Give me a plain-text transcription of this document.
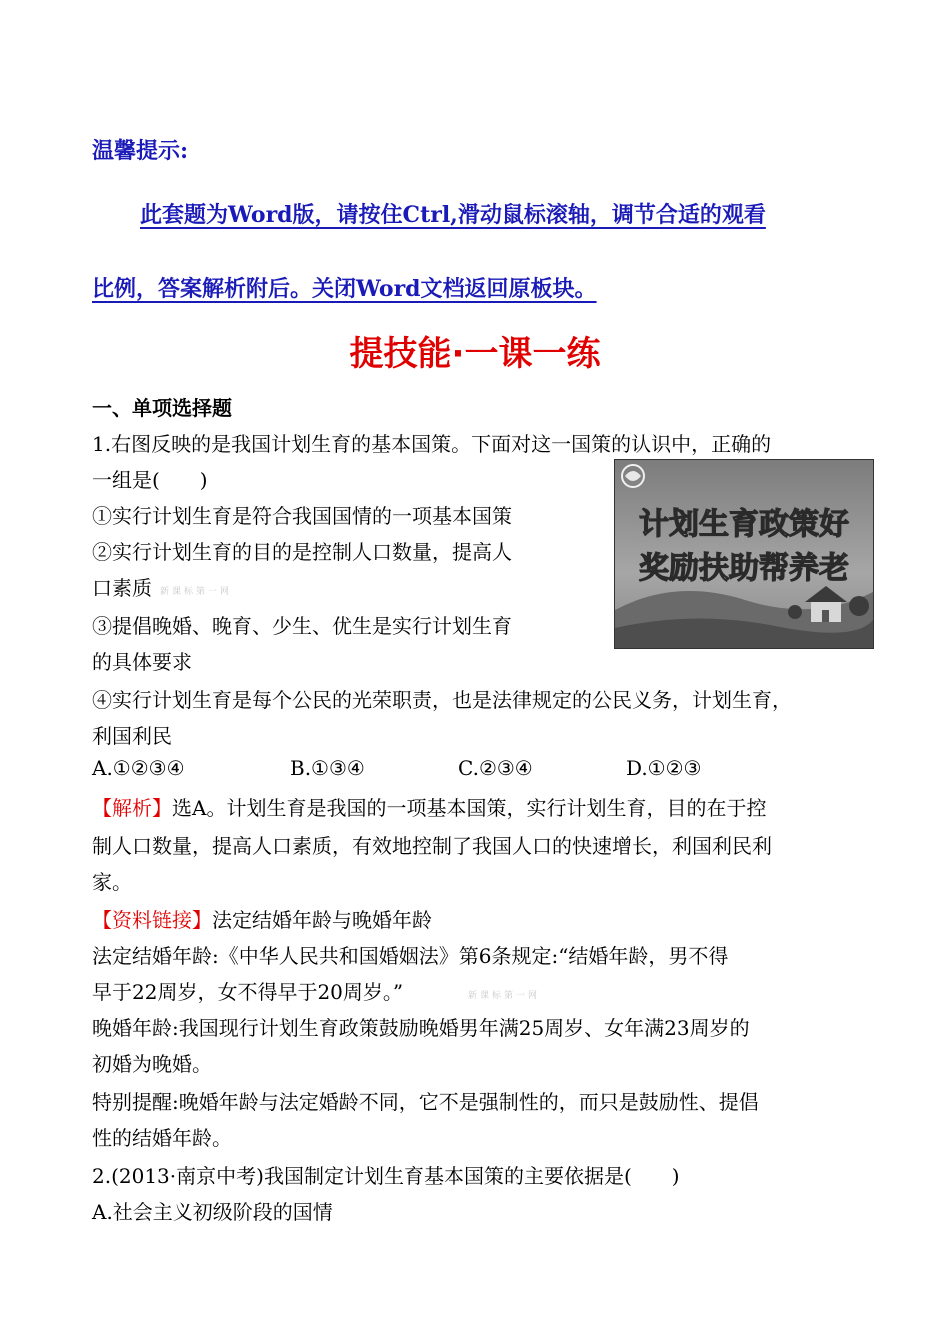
温馨提示:
此套题为Word版，请按住Ctrl,滑动鼠标滚轴，调节合适的观看
比例，答案解析附后。关闭Word文档返回原板块。
提技能·一课一练
一、单项选择题
1.右图反映的是我国计划生育的基本国策。下面对这一国策的认识中，正确的
一组是(　　)
①实行计划生育是符合我国国情的一项基本国策
②实行计划生育的目的是控制人口数量，提高人
口素质 新课标第一网
③提倡晚婚、晚育、少生、优生是实行计划生育
的具体要求
④实行计划生育是每个公民的光荣职责，也是法律规定的公民义务，计划生育，
利国利民
A.①②③④	B.①③④	C.②③④	D.①②③
计划生育政策好
奖励扶助帮养老
【解析】选A。计划生育是我国的一项基本国策，实行计划生育，目的在于控
制人口数量，提高人口素质，有效地控制了我国人口的快速增长，利国利民利
家。
【资料链接】法定结婚年龄与晚婚年龄
法定结婚年龄:《中华人民共和国婚姻法》第6条规定:“结婚年龄，男不得
早于22周岁，女不得早于20周岁。”	新课标第一网
晚婚年龄:我国现行计划生育政策鼓励晚婚男年满25周岁、女年满23周岁的
初婚为晚婚。
特别提醒:晚婚年龄与法定婚龄不同，它不是强制性的，而只是鼓励性、提倡
性的结婚年龄。
2.(2013·南京中考)我国制定计划生育基本国策的主要依据是(　　)
A.社会主义初级阶段的国情
